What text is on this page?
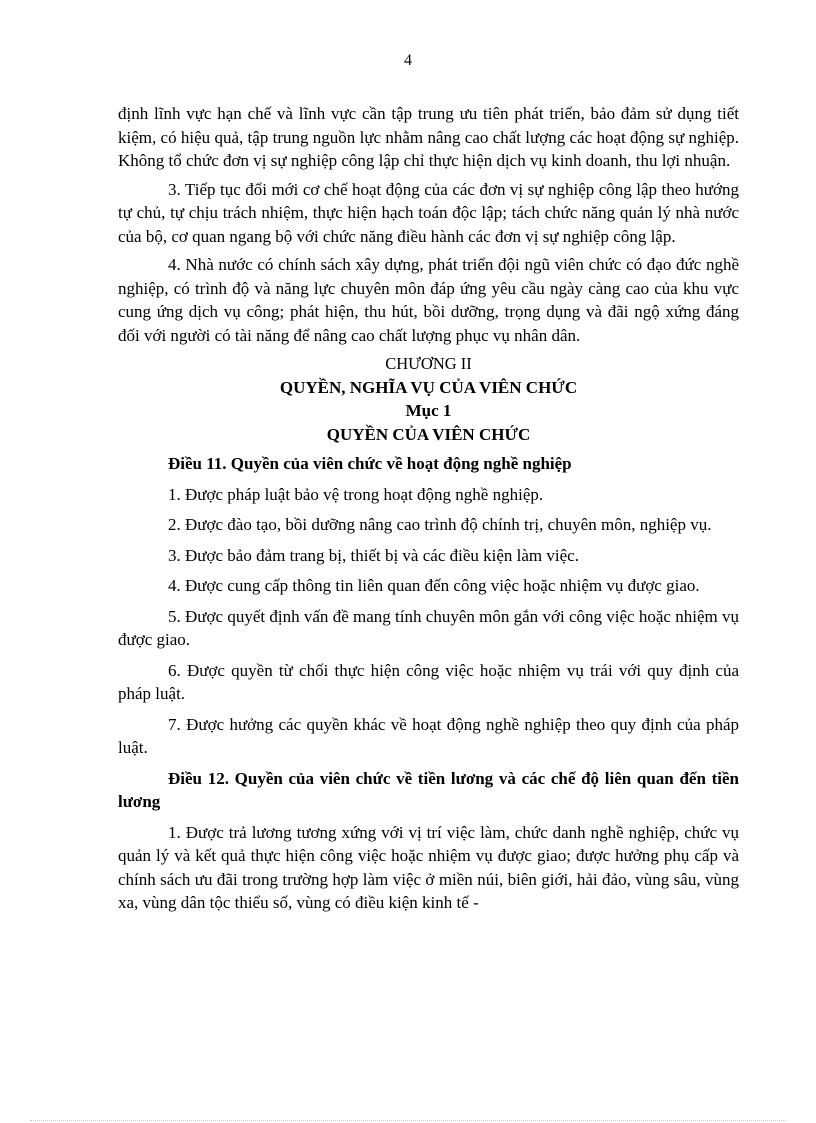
4

định lĩnh vực hạn chế và lĩnh vực cần tập trung ưu tiên phát triển, bảo đảm sử dụng tiết kiệm, có hiệu quả, tập trung nguồn lực nhằm nâng cao chất lượng các hoạt động sự nghiệp. Không tổ chức đơn vị sự nghiệp công lập chỉ thực hiện dịch vụ kinh doanh, thu lợi nhuận.

3. Tiếp tục đổi mới cơ chế hoạt động của các đơn vị sự nghiệp công lập theo hướng tự chủ, tự chịu trách nhiệm, thực hiện hạch toán độc lập; tách chức năng quản lý nhà nước của bộ, cơ quan ngang bộ với chức năng điều hành các đơn vị sự nghiệp công lập.

4. Nhà nước có chính sách xây dựng, phát triển đội ngũ viên chức có đạo đức nghề nghiệp, có trình độ và năng lực chuyên môn đáp ứng yêu cầu ngày càng cao của khu vực cung ứng dịch vụ công; phát hiện, thu hút, bồi dưỡng, trọng dụng và đãi ngộ xứng đáng đối với người có tài năng để nâng cao chất lượng phục vụ nhân dân.

CHƯƠNG II
QUYỀN, NGHĨA VỤ CỦA VIÊN CHỨC
Mục 1
QUYỀN CỦA VIÊN CHỨC

Điều 11. Quyền của viên chức về hoạt động nghề nghiệp

1. Được pháp luật bảo vệ trong hoạt động nghề nghiệp.

2. Được đào tạo, bồi dưỡng nâng cao trình độ chính trị, chuyên môn, nghiệp vụ.

3. Được bảo đảm trang bị, thiết bị và các điều kiện làm việc.

4. Được cung cấp thông tin liên quan đến công việc hoặc nhiệm vụ được giao.

5. Được quyết định vấn đề mang tính chuyên môn gắn với công việc hoặc nhiệm vụ được giao.

6. Được quyền từ chối thực hiện công việc hoặc nhiệm vụ trái với quy định của pháp luật.

7. Được hưởng các quyền khác về hoạt động nghề nghiệp theo quy định của pháp luật.

Điều 12. Quyền của viên chức về tiền lương và các chế độ liên quan đến tiền lương

1. Được trả lương tương xứng với vị trí việc làm, chức danh nghề nghiệp, chức vụ quản lý và kết quả thực hiện công việc hoặc nhiệm vụ được giao; được hưởng phụ cấp và chính sách ưu đãi trong trường hợp làm việc ở miền núi, biên giới, hải đảo, vùng sâu, vùng xa, vùng dân tộc thiểu số, vùng có điều kiện kinh tế -
